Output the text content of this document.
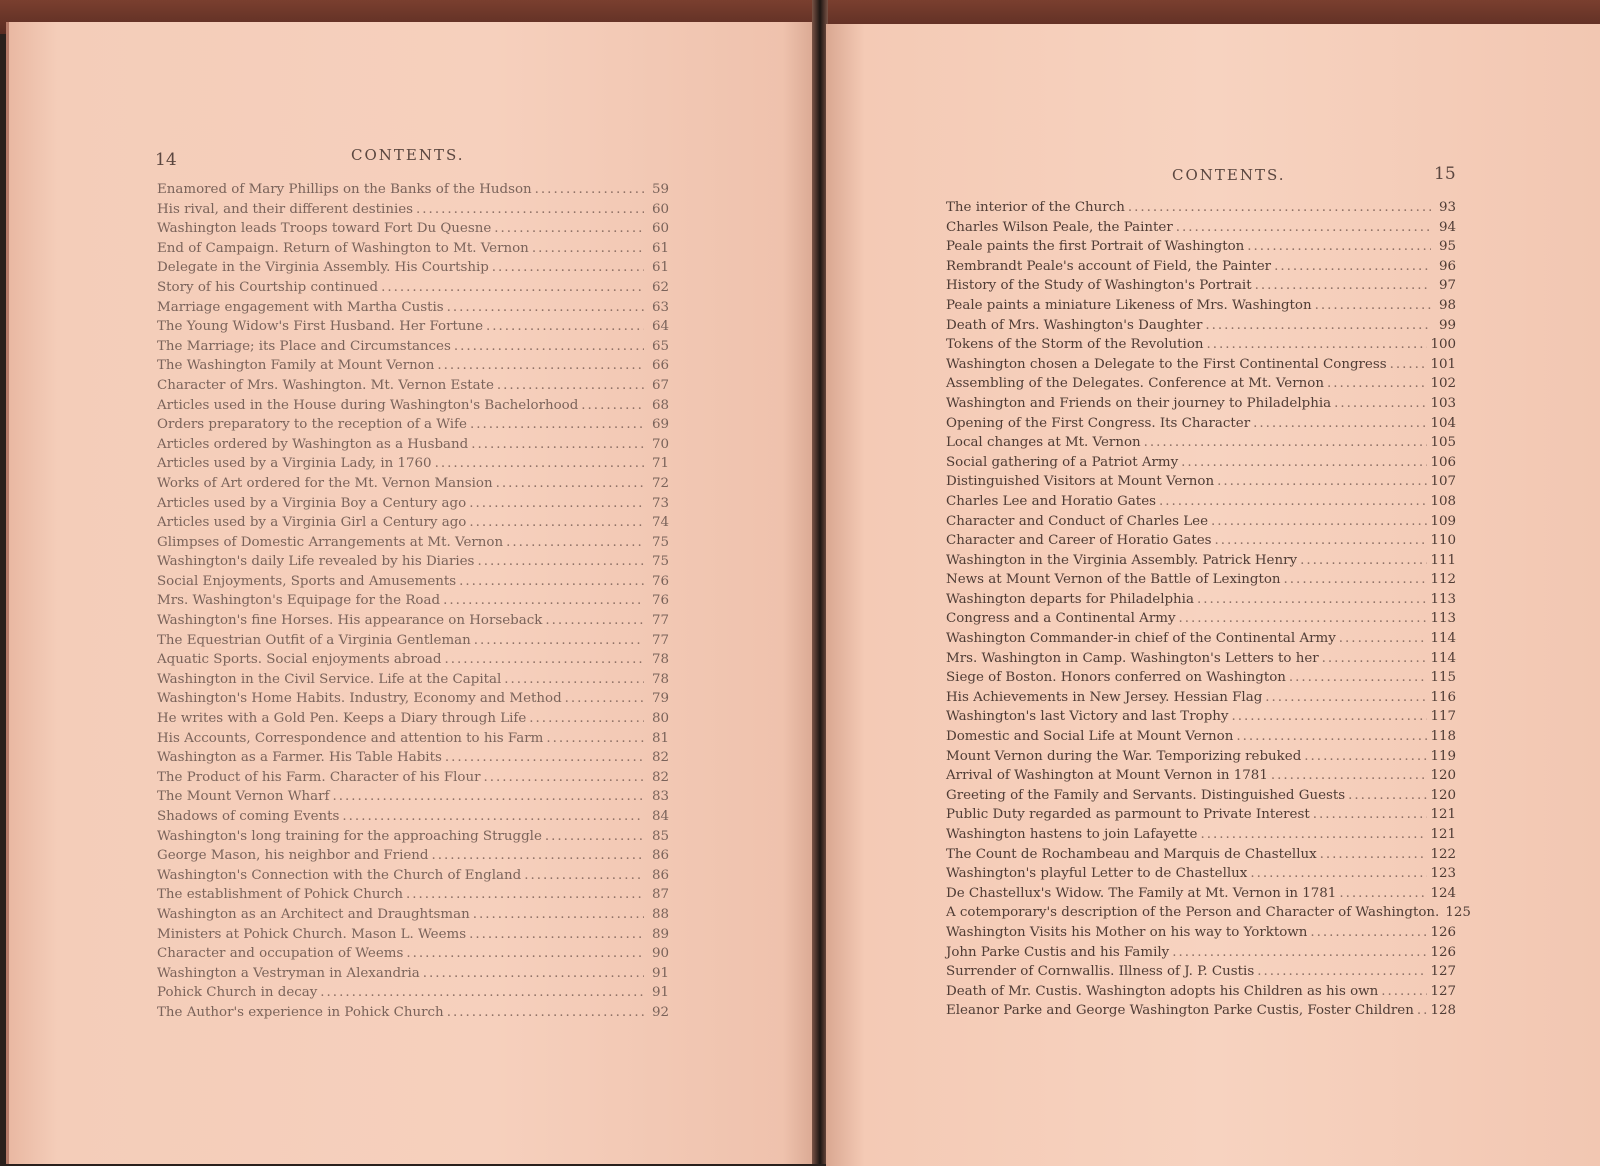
14	CONTENTS.
Enamored of Mary Phillips on the Banks of the Hudson .....	59
His rival, and their different destinies .....	60
Washington leads Troops toward Fort Du Quesne .....	60
End of Campaign. Return of Washington to Mt. Vernon .....	61
Delegate in the Virginia Assembly. His Courtship .....	61
Story of his Courtship continued .....	62
Marriage engagement with Martha Custis .....	63
The Young Widow's First Husband. Her Fortune .....	64
The Marriage; its Place and Circumstances .....	65
The Washington Family at Mount Vernon .....	66
Character of Mrs. Washington. Mt. Vernon Estate .....	67
Articles used in the House during Washington's Bachelorhood .....	68
Orders preparatory to the reception of a Wife .....	69
Articles ordered by Washington as a Husband .....	70
Articles used by a Virginia Lady, in 1760 .....	71
Works of Art ordered for the Mt. Vernon Mansion .....	72
Articles used by a Virginia Boy a Century ago .....	73
Articles used by a Virginia Girl a Century ago .....	74
Glimpses of Domestic Arrangements at Mt. Vernon .....	75
Washington's daily Life revealed by his Diaries .....	75
Social Enjoyments, Sports and Amusements .....	76
Mrs. Washington's Equipage for the Road .....	76
Washington's fine Horses. His appearance on Horseback .....	77
The Equestrian Outfit of a Virginia Gentleman .....	77
Aquatic Sports. Social enjoyments abroad .....	78
Washington in the Civil Service. Life at the Capital .....	78
Washington's Home Habits. Industry, Economy and Method .....	79
He writes with a Gold Pen. Keeps a Diary through Life .....	80
His Accounts, Correspondence and attention to his Farm .....	81
Washington as a Farmer. His Table Habits .....	82
The Product of his Farm. Character of his Flour .....	82
The Mount Vernon Wharf .....	83
Shadows of coming Events .....	84
Washington's long training for the approaching Struggle .....	85
George Mason, his neighbor and Friend .....	86
Washington's Connection with the Church of England .....	86
The establishment of Pohick Church .....	87
Washington as an Architect and Draughtsman .....	88
Ministers at Pohick Church. Mason L. Weems .....	89
Character and occupation of Weems .....	90
Washington a Vestryman in Alexandria .....	91
Pohick Church in decay .....	91
The Author's experience in Pohick Church .....	92
CONTENTS.	15
The interior of the Church .....	93
Charles Wilson Peale, the Painter .....	94
Peale paints the first Portrait of Washington .....	95
Rembrandt Peale's account of Field, the Painter .....	96
History of the Study of Washington's Portrait .....	97
Peale paints a miniature Likeness of Mrs. Washington .....	98
Death of Mrs. Washington's Daughter .....	99
Tokens of the Storm of the Revolution .....	100
Washington chosen a Delegate to the First Continental Congress .....	101
Assembling of the Delegates. Conference at Mt. Vernon .....	102
Washington and Friends on their journey to Philadelphia .....	103
Opening of the First Congress. Its Character .....	104
Local changes at Mt. Vernon .....	105
Social gathering of a Patriot Army .....	106
Distinguished Visitors at Mount Vernon .....	107
Charles Lee and Horatio Gates .....	108
Character and Conduct of Charles Lee .....	109
Character and Career of Horatio Gates .....	110
Washington in the Virginia Assembly. Patrick Henry .....	111
News at Mount Vernon of the Battle of Lexington .....	112
Washington departs for Philadelphia .....	113
Congress and a Continental Army .....	113
Washington Commander-in chief of the Continental Army .....	114
Mrs. Washington in Camp. Washington's Letters to her .....	114
Siege of Boston. Honors conferred on Washington .....	115
His Achievements in New Jersey. Hessian Flag .....	116
Washington's last Victory and last Trophy .....	117
Domestic and Social Life at Mount Vernon .....	118
Mount Vernon during the War. Temporizing rebuked .....	119
Arrival of Washington at Mount Vernon in 1781 .....	120
Greeting of the Family and Servants. Distinguished Guests .....	120
Public Duty regarded as parmount to Private Interest .....	121
Washington hastens to join Lafayette .....	121
The Count de Rochambeau and Marquis de Chastellux .....	122
Washington's playful Letter to de Chastellux .....	123
De Chastellux's Widow. The Family at Mt. Vernon in 1781 .....	124
A cotemporary's description of the Person and Character of Washington. 125
Washington Visits his Mother on his way to Yorktown .....	126
John Parke Custis and his Family .....	126
Surrender of Cornwallis. Illness of J. P. Custis .....	127
Death of Mr. Custis. Washington adopts his Children as his own .....	127
Eleanor Parke and George Washington Parke Custis, Foster Children ..... 128
